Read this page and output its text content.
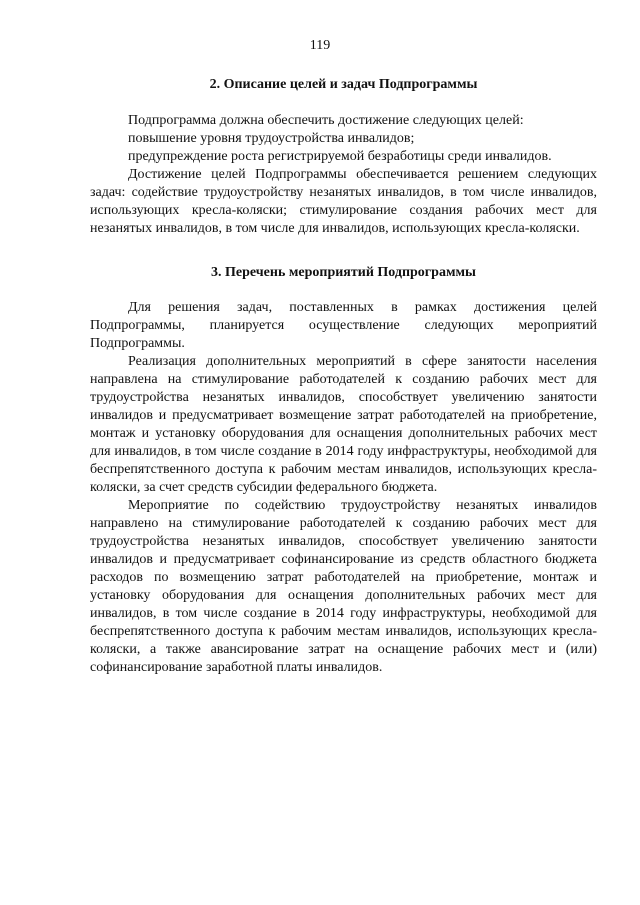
119
2. Описание целей и задач Подпрограммы

Подпрограмма должна обеспечить достижение следующих целей:

повышение уровня трудоустройства инвалидов;

предупреждение роста регистрируемой безработицы среди инвалидов.

Достижение целей Подпрограммы обеспечивается решением следующих задач: содействие трудоустройству незанятых инвалидов, в том числе инвалидов, использующих кресла-коляски; стимулирование создания рабочих мест для незанятых инвалидов, в том числе для инвалидов, использующих кресла-коляски.

3. Перечень мероприятий Подпрограммы

Для решения задач, поставленных в рамках достижения целей Подпрограммы, планируется осуществление следующих мероприятий Подпрограммы.

Реализация дополнительных мероприятий в сфере занятости населения направлена на стимулирование работодателей к созданию рабочих мест для трудоустройства незанятых инвалидов, способствует увеличению занятости инвалидов и предусматривает возмещение затрат работодателей на приобретение, монтаж и установку оборудования для оснащения дополнительных рабочих мест для инвалидов, в том числе создание в 2014 году инфраструктуры, необходимой для беспрепятственного доступа к рабочим местам инвалидов, использующих кресла-коляски, за счет средств субсидии федерального бюджета.

Мероприятие по содействию трудоустройству незанятых инвалидов направлено на стимулирование работодателей к созданию рабочих мест для трудоустройства незанятых инвалидов, способствует увеличению занятости инвалидов и предусматривает софинансирование из средств областного бюджета расходов по возмещению затрат работодателей на приобретение, монтаж и установку оборудования для оснащения дополнительных рабочих мест для инвалидов, в том числе создание в 2014 году инфраструктуры, необходимой для беспрепятственного доступа к рабочим местам инвалидов, использующих кресла-коляски, а также авансирование затрат на оснащение рабочих мест и (или) софинансирование заработной платы инвалидов.
